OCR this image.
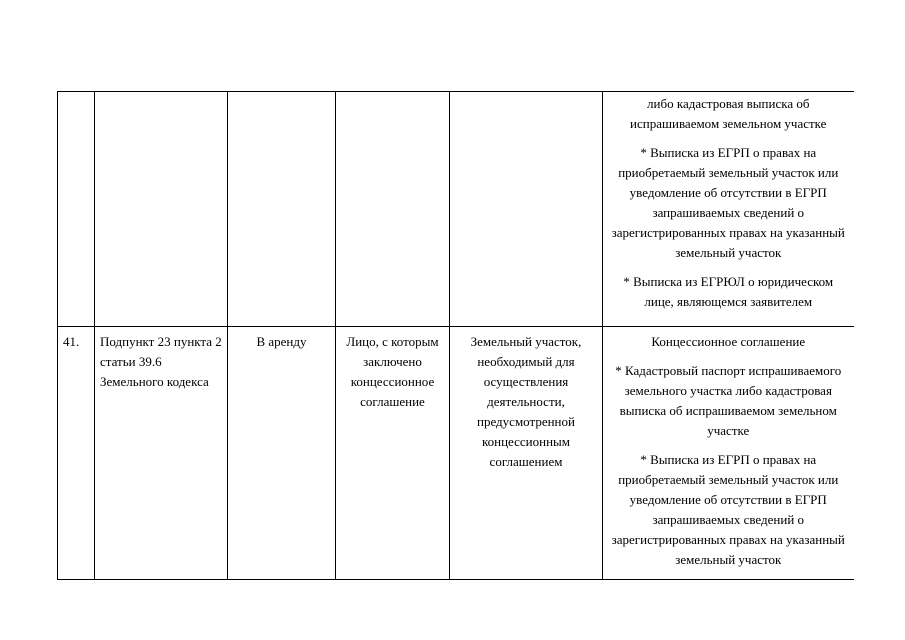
					либо кадастровая выписка об испрашиваемом земельном участке

* Выписка из ЕГРП о правах на приобретаемый земельный участок или уведомление об отсутствии в ЕГРП запрашиваемых сведений о зарегистрированных правах на указанный земельный участок

* Выписка из ЕГРЮЛ о юридическом лице, являющемся заявителем

41.	Подпункт 23 пункта 2 статьи 39.6 Земельного кодекса	В аренду	Лицо, с которым заключено концессионное соглашение	Земельный участок, необходимый для осуществления деятельности, предусмотренной концессионным соглашением	Концессионное соглашение

* Кадастровый паспорт испрашиваемого земельного участка либо кадастровая выписка об испрашиваемом земельном участке

* Выписка из ЕГРП о правах на приобретаемый земельный участок или уведомление об отсутствии в ЕГРП запрашиваемых сведений о зарегистрированных правах на указанный земельный участок
